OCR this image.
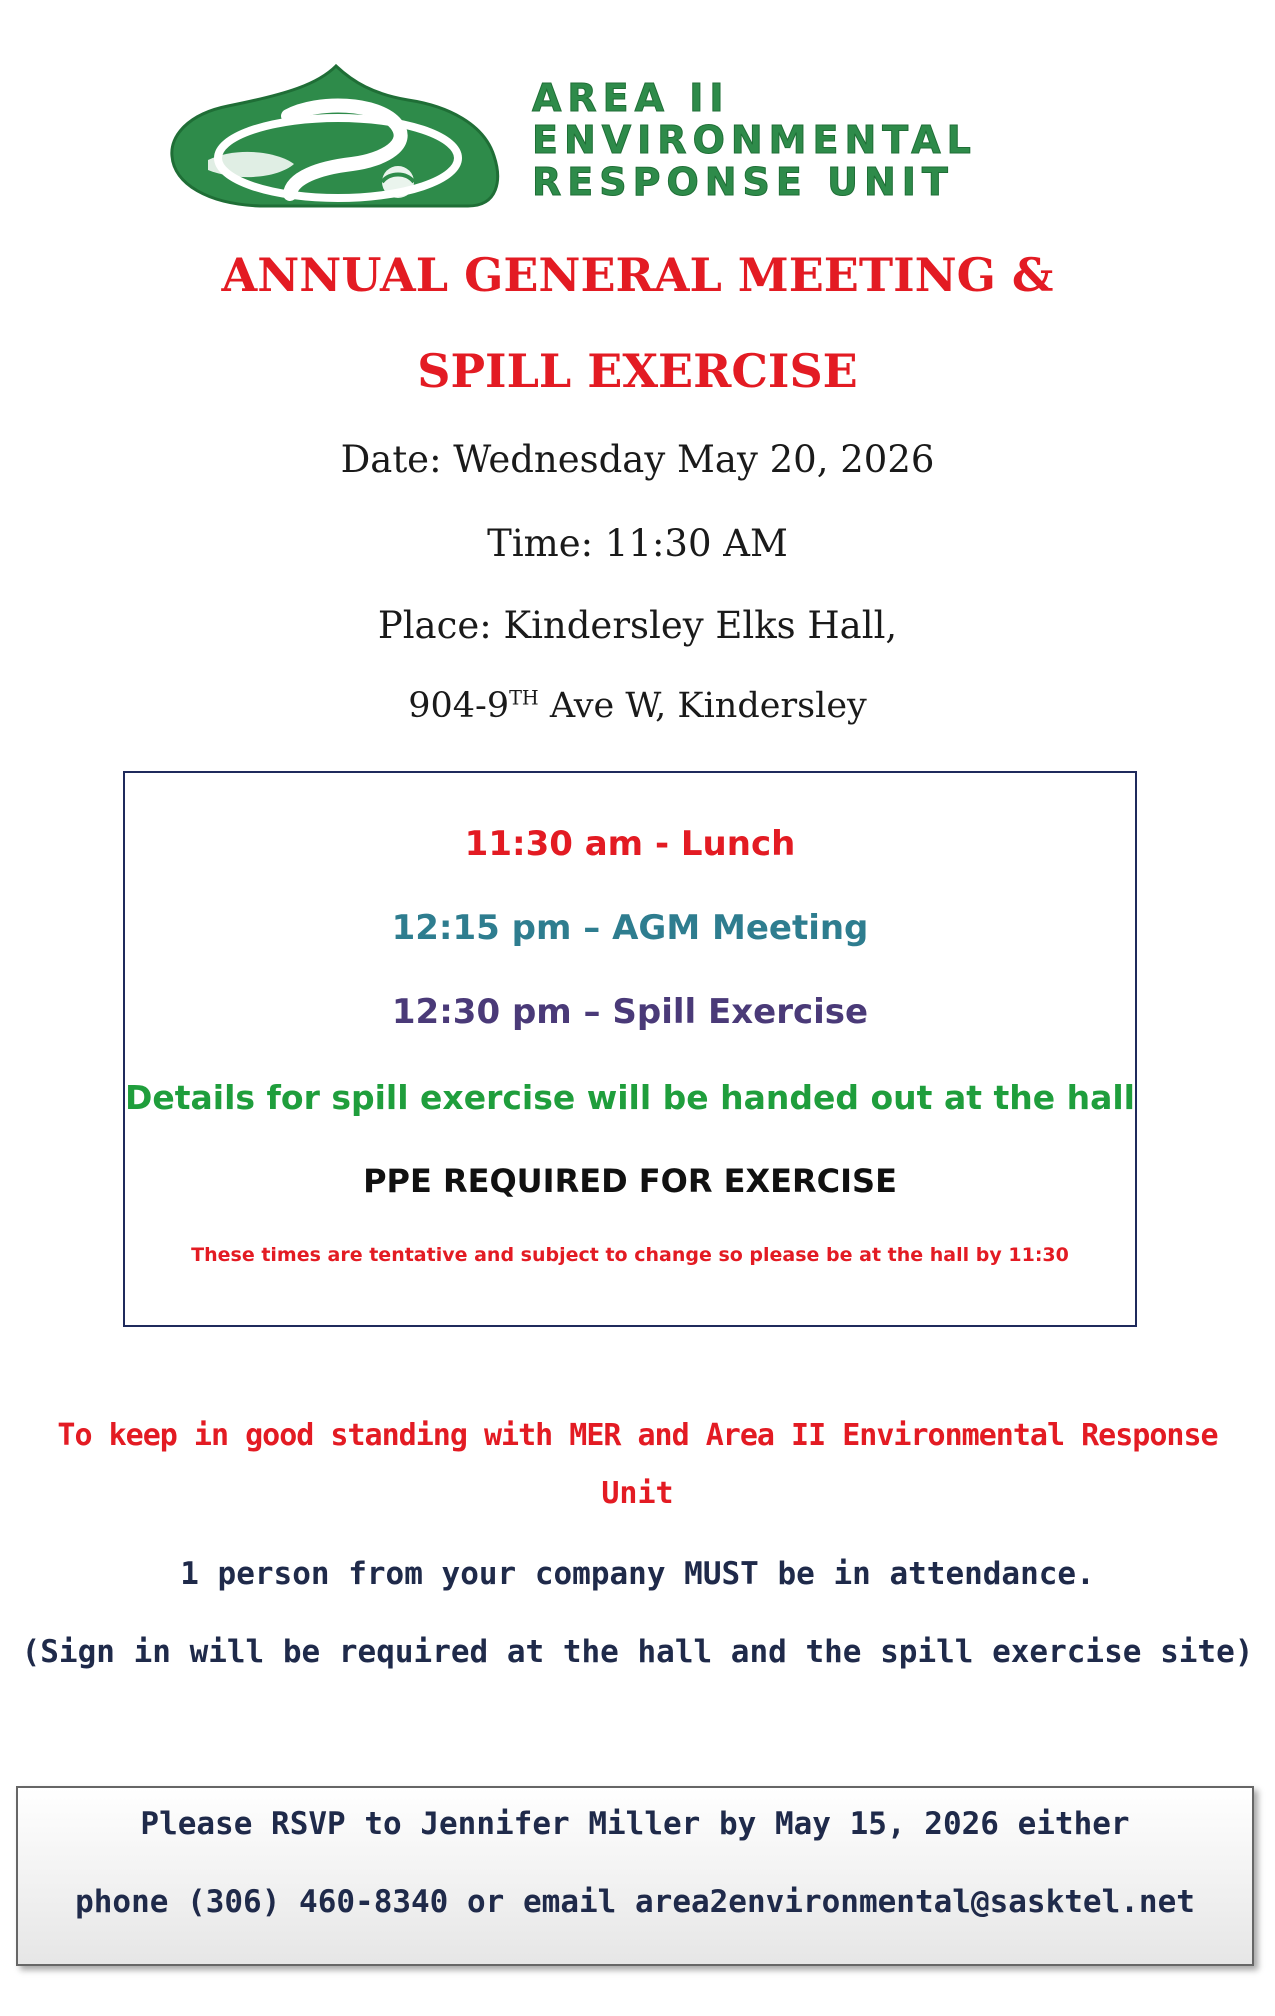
AREA II
ENVIRONMENTAL
RESPONSE UNIT
ANNUAL GENERAL MEETING &
SPILL EXERCISE
Date: Wednesday May 20, 2026
Time: 11:30 AM
Place: Kindersley Elks Hall,
904-9TH Ave W, Kindersley
11:30 am - Lunch
12:15 pm – AGM Meeting
12:30 pm – Spill Exercise
Details for spill exercise will be handed out at the hall
PPE REQUIRED FOR EXERCISE
These times are tentative and subject to change so please be at the hall by 11:30
To keep in good standing with MER and Area II Environmental Response
Unit
1 person from your company MUST be in attendance.
(Sign in will be required at the hall and the spill exercise site)
Please RSVP to Jennifer Miller by May 15, 2026 either
phone (306) 460-8340 or email area2environmental@sasktel.net
